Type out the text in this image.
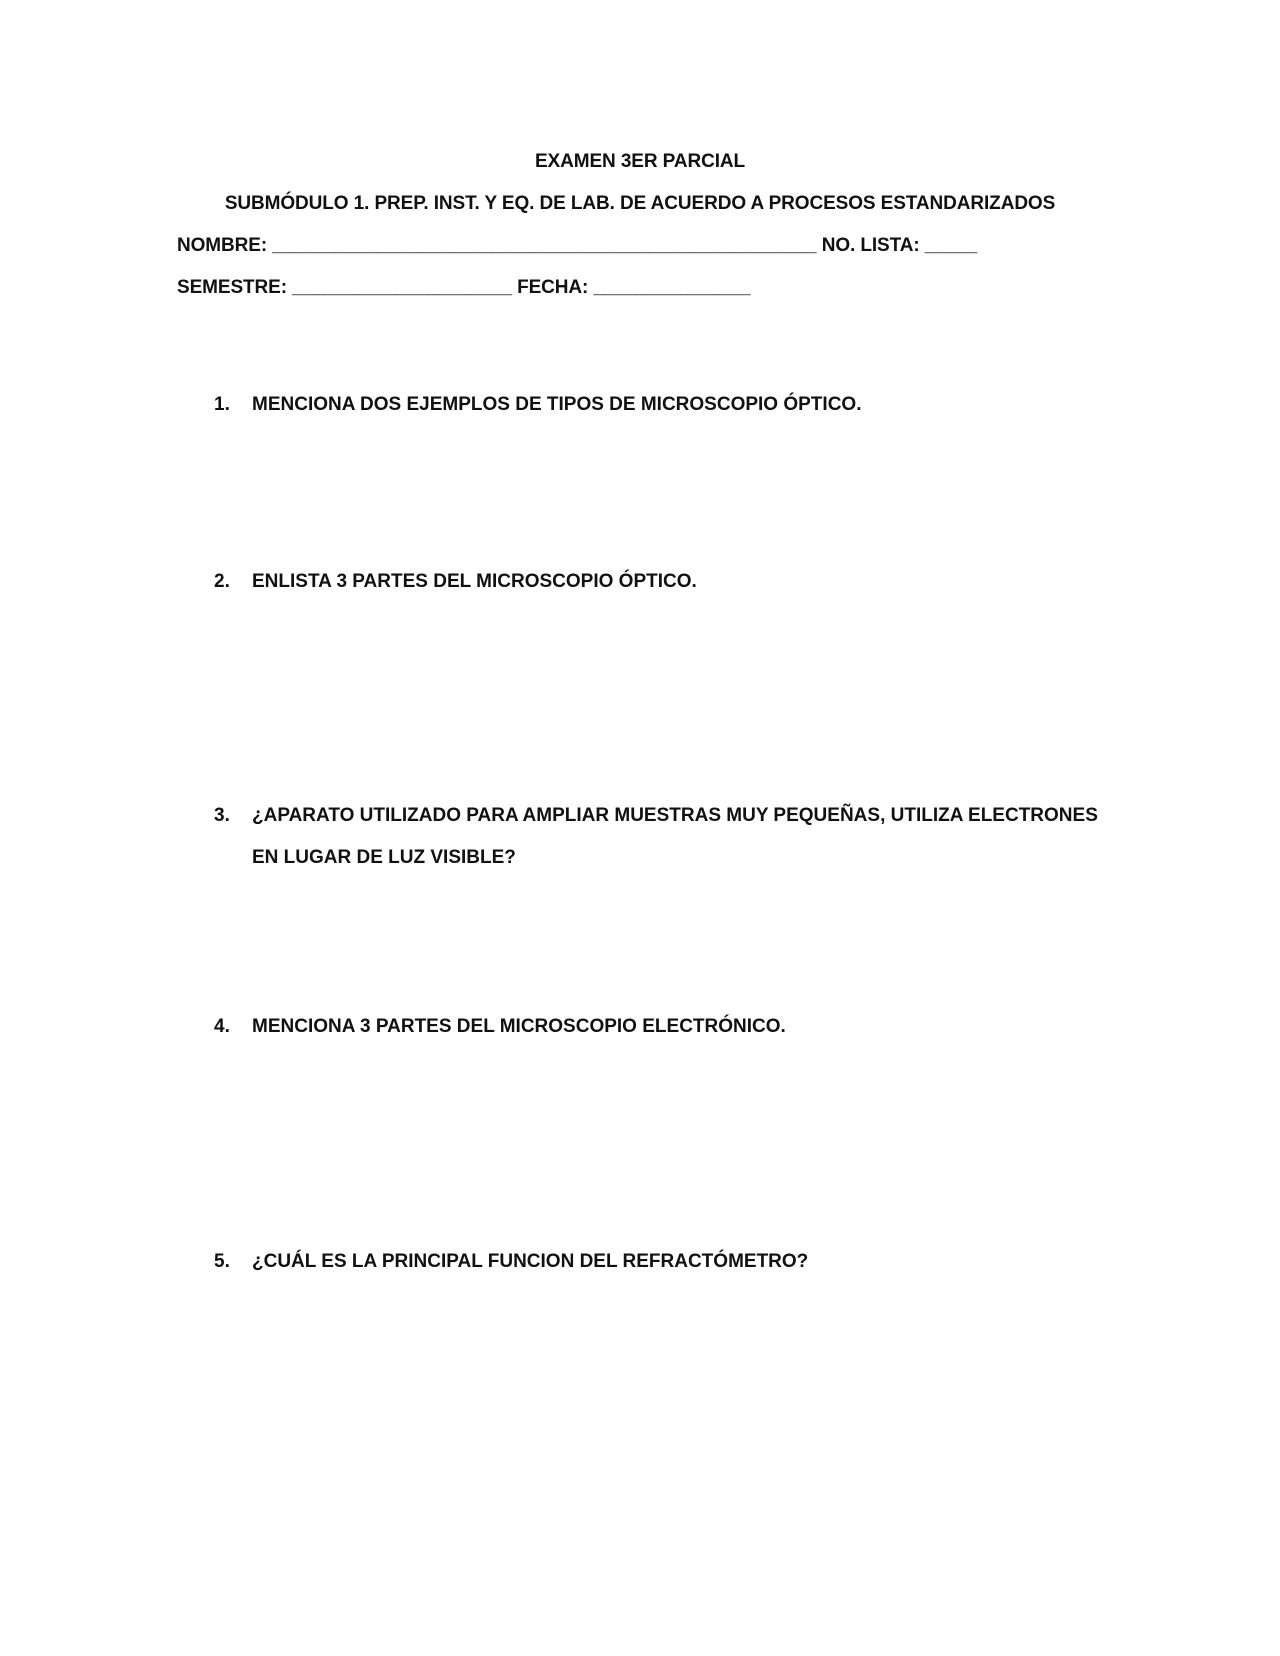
EXAMEN 3ER PARCIAL
SUBMÓDULO 1. PREP. INST. Y EQ. DE LAB. DE ACUERDO A PROCESOS ESTANDARIZADOS
NOMBRE: ____________________________________________________ NO. LISTA: _____
SEMESTRE: _____________________ FECHA: _______________
1.	MENCIONA DOS EJEMPLOS DE TIPOS DE MICROSCOPIO ÓPTICO.
2.	ENLISTA 3 PARTES DEL MICROSCOPIO ÓPTICO.
3.	¿APARATO UTILIZADO PARA AMPLIAR MUESTRAS MUY PEQUEÑAS, UTILIZA ELECTRONES EN LUGAR DE LUZ VISIBLE?
4.	MENCIONA 3 PARTES DEL MICROSCOPIO ELECTRÓNICO.
5.	¿CUÁL ES LA PRINCIPAL FUNCION DEL REFRACTÓMETRO?
